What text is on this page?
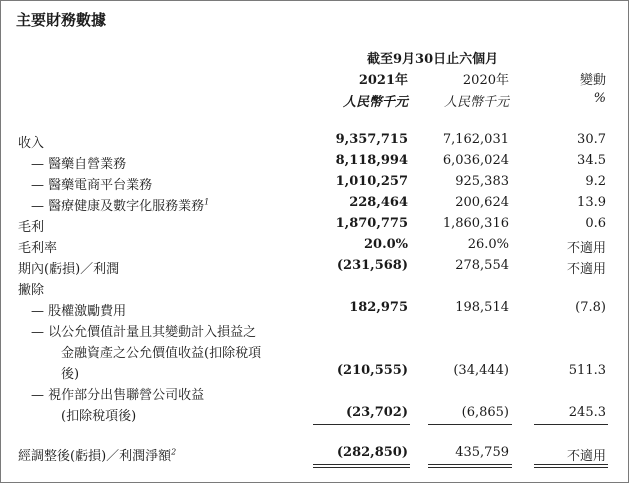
主要財務數據
截至9月30日止六個月
2021年	2020年	變動
人民幣千元	人民幣千元	%
收入	9,357,715	7,162,031	30.7
— 醫藥自營業務	8,118,994	6,036,024	34.5
— 醫藥電商平台業務	1,010,257	925,383	9.2
— 醫療健康及數字化服務業務$^1$	228,464	200,624	13.9
毛利	1,870,775	1,860,316	0.6
毛利率	20.0%	26.0%	不適用
期內(虧損)／利潤	(231,568)	278,554	不適用
撇除
— 股權激勵費用	182,975	198,514	(7.8)
— 以公允價值計量且其變動計入損益之
金融資產之公允價值收益(扣除稅項
後)	(210,555)	(34,444)	511.3
— 視作部分出售聯營公司收益
(扣除稅項後)	(23,702)	(6,865)	245.3
經調整後(虧損)／利潤淨額$^2$	(282,850)	435,759	不適用
